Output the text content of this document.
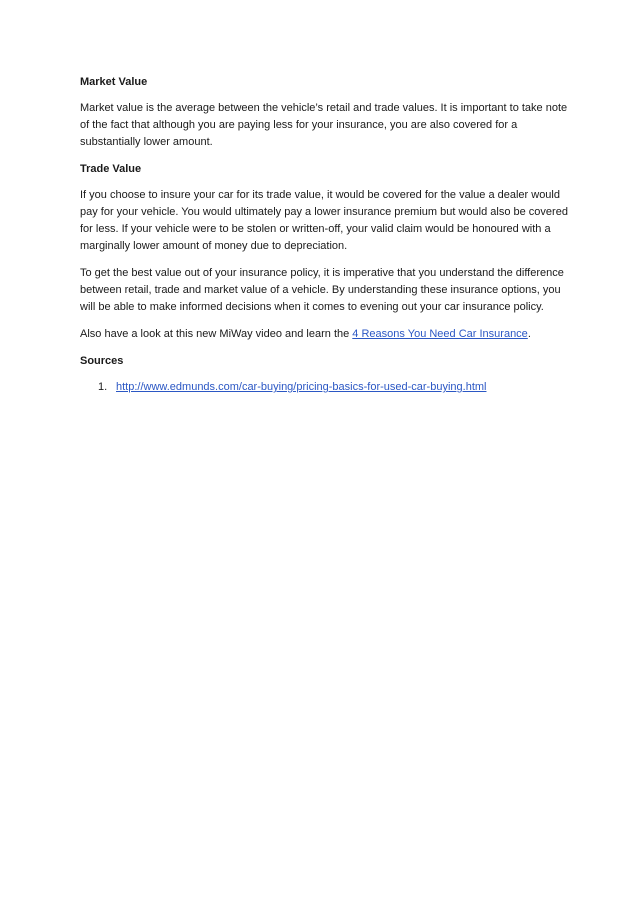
Market Value

Market value is the average between the vehicle’s retail and trade values. It is important to take note of the fact that although you are paying less for your insurance, you are also covered for a substantially lower amount.

Trade Value

If you choose to insure your car for its trade value, it would be covered for the value a dealer would pay for your vehicle. You would ultimately pay a lower insurance premium but would also be covered for less. If your vehicle were to be stolen or written-off, your valid claim would be honoured with a marginally lower amount of money due to depreciation.

To get the best value out of your insurance policy, it is imperative that you understand the difference between retail, trade and market value of a vehicle. By understanding these insurance options, you will be able to make informed decisions when it comes to evening out your car insurance policy.

Also have a look at this new MiWay video and learn the 4 Reasons You Need Car Insurance.

Sources
1. http://www.edmunds.com/car-buying/pricing-basics-for-used-car-buying.html
